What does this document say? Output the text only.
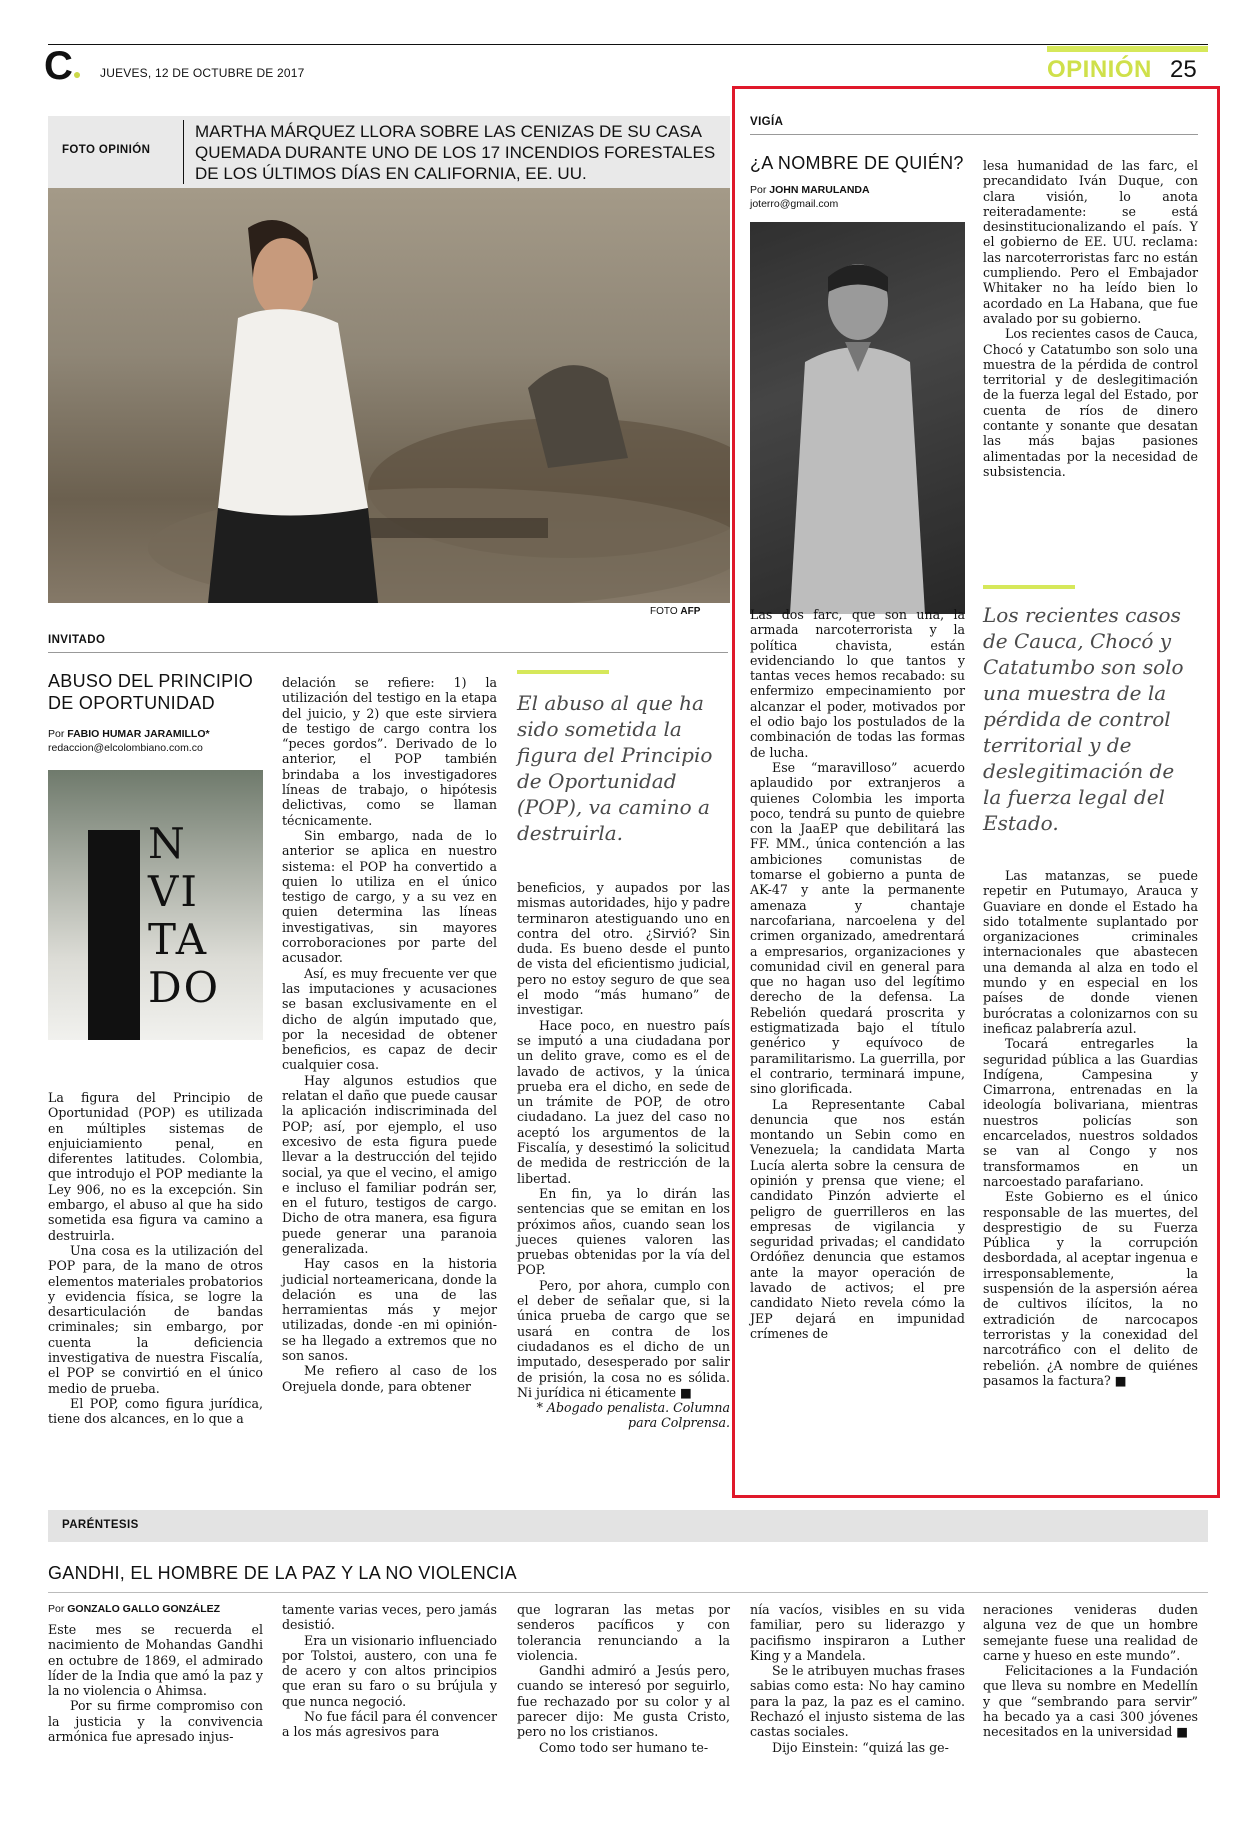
C● JUEVES, 12 DE OCTUBRE DE 2017	OPINIÓN 25
FOTO OPINIÓN
MARTHA MÁRQUEZ LLORA SOBRE LAS CENIZAS DE SU CASA QUEMADA DURANTE UNO DE LOS 17 INCENDIOS FORESTALES DE LOS ÚLTIMOS DÍAS EN CALIFORNIA, EE. UU.
FOTO AFP
INVITADO
ABUSO DEL PRINCIPIO DE OPORTUNIDAD
Por FABIO HUMAR JARAMILLO*
redaccion@elcolombiano.com.co
N
VI
TA
DO

La figura del Principio de Oportunidad (POP) es utilizada en múltiples sistemas de enjuiciamiento penal, en diferentes latitudes. Colombia, que introdujo el POP mediante la Ley 906, no es la excepción. Sin embargo, el abuso al que ha sido sometida esa figura va camino a destruirla.

Una cosa es la utilización del POP para, de la mano de otros elementos materiales probatorios y evidencia física, se logre la desarticulación de bandas criminales; sin embargo, por cuenta la deficiencia investigativa de nuestra Fiscalía, el POP se convirtió en el único medio de prueba.

El POP, como figura jurídica, tiene dos alcances, en lo que a

delación se refiere: 1) la utilización del testigo en la etapa del juicio, y 2) que este sirviera de testigo de cargo contra los “peces gordos”. Derivado de lo anterior, el POP también brindaba a los investigadores líneas de trabajo, o hipótesis delictivas, como se llaman técnicamente.

Sin embargo, nada de lo anterior se aplica en nuestro sistema: el POP ha convertido a quien lo utiliza en el único testigo de cargo, y a su vez en quien determina las líneas investigativas, sin mayores corroboraciones por parte del acusador.

Así, es muy frecuente ver que las imputaciones y acusaciones se basan exclusivamente en el dicho de algún imputado que, por la necesidad de obtener beneficios, es capaz de decir cualquier cosa.

Hay algunos estudios que relatan el daño que puede causar la aplicación indiscriminada del POP; así, por ejemplo, el uso excesivo de esta figura puede llevar a la destrucción del tejido social, ya que el vecino, el amigo e incluso el familiar podrán ser, en el futuro, testigos de cargo. Dicho de otra manera, esa figura puede generar una paranoia generalizada.

Hay casos en la historia judicial norteamericana, donde la delación es una de las herramientas más y mejor utilizadas, donde -en mi opinión- se ha llegado a extremos que no son sanos.

Me refiero al caso de los Orejuela donde, para obtener

El abuso al que ha sido sometida la figura del Principio de Oportunidad (POP), va camino a destruirla.

beneficios, y aupados por las mismas autoridades, hijo y padre terminaron atestiguando uno en contra del otro. ¿Sirvió? Sin duda. Es bueno desde el punto de vista del eficientismo judicial, pero no estoy seguro de que sea el modo “más humano” de investigar.

Hace poco, en nuestro país se imputó a una ciudadana por un delito grave, como es el de lavado de activos, y la única prueba era el dicho, en sede de un trámite de POP, de otro ciudadano. La juez del caso no aceptó los argumentos de la Fiscalía, y desestimó la solicitud de medida de restricción de la libertad.

En fin, ya lo dirán las sentencias que se emitan en los próximos años, cuando sean los jueces quienes valoren las pruebas obtenidas por la vía del POP.

Pero, por ahora, cumplo con el deber de señalar que, si la única prueba de cargo que se usará en contra de los ciudadanos es el dicho de un imputado, desesperado por salir de prisión, la cosa no es sólida. Ni jurídica ni éticamente ■

* Abogado penalista. Columna para Colprensa.

VIGÍA
¿A NOMBRE DE QUIÉN?
Por JOHN MARULANDA
joterro@gmail.com

Las dos farc, que son una, la armada narcoterrorista y la política chavista, están evidenciando lo que tantos y tantas veces hemos recabado: su enfermizo empecinamiento por alcanzar el poder, motivados por el odio bajo los postulados de la combinación de todas las formas de lucha.

Ese “maravilloso” acuerdo aplaudido por extranjeros a quienes Colombia les importa poco, tendrá su punto de quiebre con la JaaEP que debilitará las FF. MM., única contención a las ambiciones comunistas de tomarse el gobierno a punta de AK-47 y ante la permanente amenaza y chantaje narcofariana, narcoelena y del crimen organizado, amedrentará a empresarios, organizaciones y comunidad civil en general para que no hagan uso del legítimo derecho de la defensa. La Rebelión quedará proscrita y estigmatizada bajo el título genérico y equívoco de paramilitarismo. La guerrilla, por el contrario, terminará impune, sino glorificada.

La Representante Cabal denuncia que nos están montando un Sebin como en Venezuela; la candidata Marta Lucía alerta sobre la censura de opinión y prensa que viene; el candidato Pinzón advierte el peligro de guerrilleros en las empresas de vigilancia y seguridad privadas; el candidato Ordóñez denuncia que estamos ante la mayor operación de lavado de activos; el pre candidato Nieto revela cómo la JEP dejará en impunidad crímenes de

lesa humanidad de las farc, el precandidato Iván Duque, con clara visión, lo anota reiteradamente: se está desinstitucionalizando el país. Y el gobierno de EE. UU. reclama: las narcoterroristas farc no están cumpliendo. Pero el Embajador Whitaker no ha leído bien lo acordado en La Habana, que fue avalado por su gobierno.

Los recientes casos de Cauca, Chocó y Catatumbo son solo una muestra de la pérdida de control territorial y de deslegitimación de la fuerza legal del Estado, por cuenta de ríos de dinero contante y sonante que desatan las más bajas pasiones alimentadas por la necesidad de subsistencia.

Los recientes casos de Cauca, Chocó y Catatumbo son solo una muestra de la pérdida de control territorial y de deslegitimación de la fuerza legal del Estado.

Las matanzas, se puede repetir en Putumayo, Arauca y Guaviare en donde el Estado ha sido totalmente suplantado por organizaciones criminales internacionales que abastecen una demanda al alza en todo el mundo y en especial en los países de donde vienen burócratas a colonizarnos con su ineficaz palabrería azul.

Tocará entregarles la seguridad pública a las Guardias Indígena, Campesina y Cimarrona, entrenadas en la ideología bolivariana, mientras nuestros policías son encarcelados, nuestros soldados se van al Congo y nos transformamos en un narcoestado parafariano.

Este Gobierno es el único responsable de las muertes, del desprestigio de su Fuerza Pública y la corrupción desbordada, al aceptar ingenua e irresponsablemente, la suspensión de la aspersión aérea de cultivos ilícitos, la no extradición de narcocapos terroristas y la conexidad del narcotráfico con el delito de rebelión. ¿A nombre de quiénes pasamos la factura? ■

PARÉNTESIS
GANDHI, EL HOMBRE DE LA PAZ Y LA NO VIOLENCIA
Por GONZALO GALLO GONZÁLEZ

Este mes se recuerda el nacimiento de Mohandas Gandhi en octubre de 1869, el admirado líder de la India que amó la paz y la no violencia o Ahimsa.

Por su firme compromiso con la justicia y la convivencia armónica fue apresado injus-

tamente varias veces, pero jamás desistió.

Era un visionario influenciado por Tolstoi, austero, con una fe de acero y con altos principios que eran su faro o su brújula y que nunca negoció.

No fue fácil para él convencer a los más agresivos para

que lograran las metas por senderos pacíficos y con tolerancia renunciando a la violencia.

Gandhi admiró a Jesús pero, cuando se interesó por seguirlo, fue rechazado por su color y al parecer dijo: Me gusta Cristo, pero no los cristianos.

Como todo ser humano te-

nía vacíos, visibles en su vida familiar, pero su liderazgo y pacifismo inspiraron a Luther King y a Mandela.

Se le atribuyen muchas frases sabias como esta: No hay camino para la paz, la paz es el camino. Rechazó el injusto sistema de las castas sociales.

Dijo Einstein: “quizá las ge-

neraciones venideras duden alguna vez de que un hombre semejante fuese una realidad de carne y hueso en este mundo”.

Felicitaciones a la Fundación que lleva su nombre en Medellín y que “sembrando para servir” ha becado ya a casi 300 jóvenes necesitados en la universidad ■
